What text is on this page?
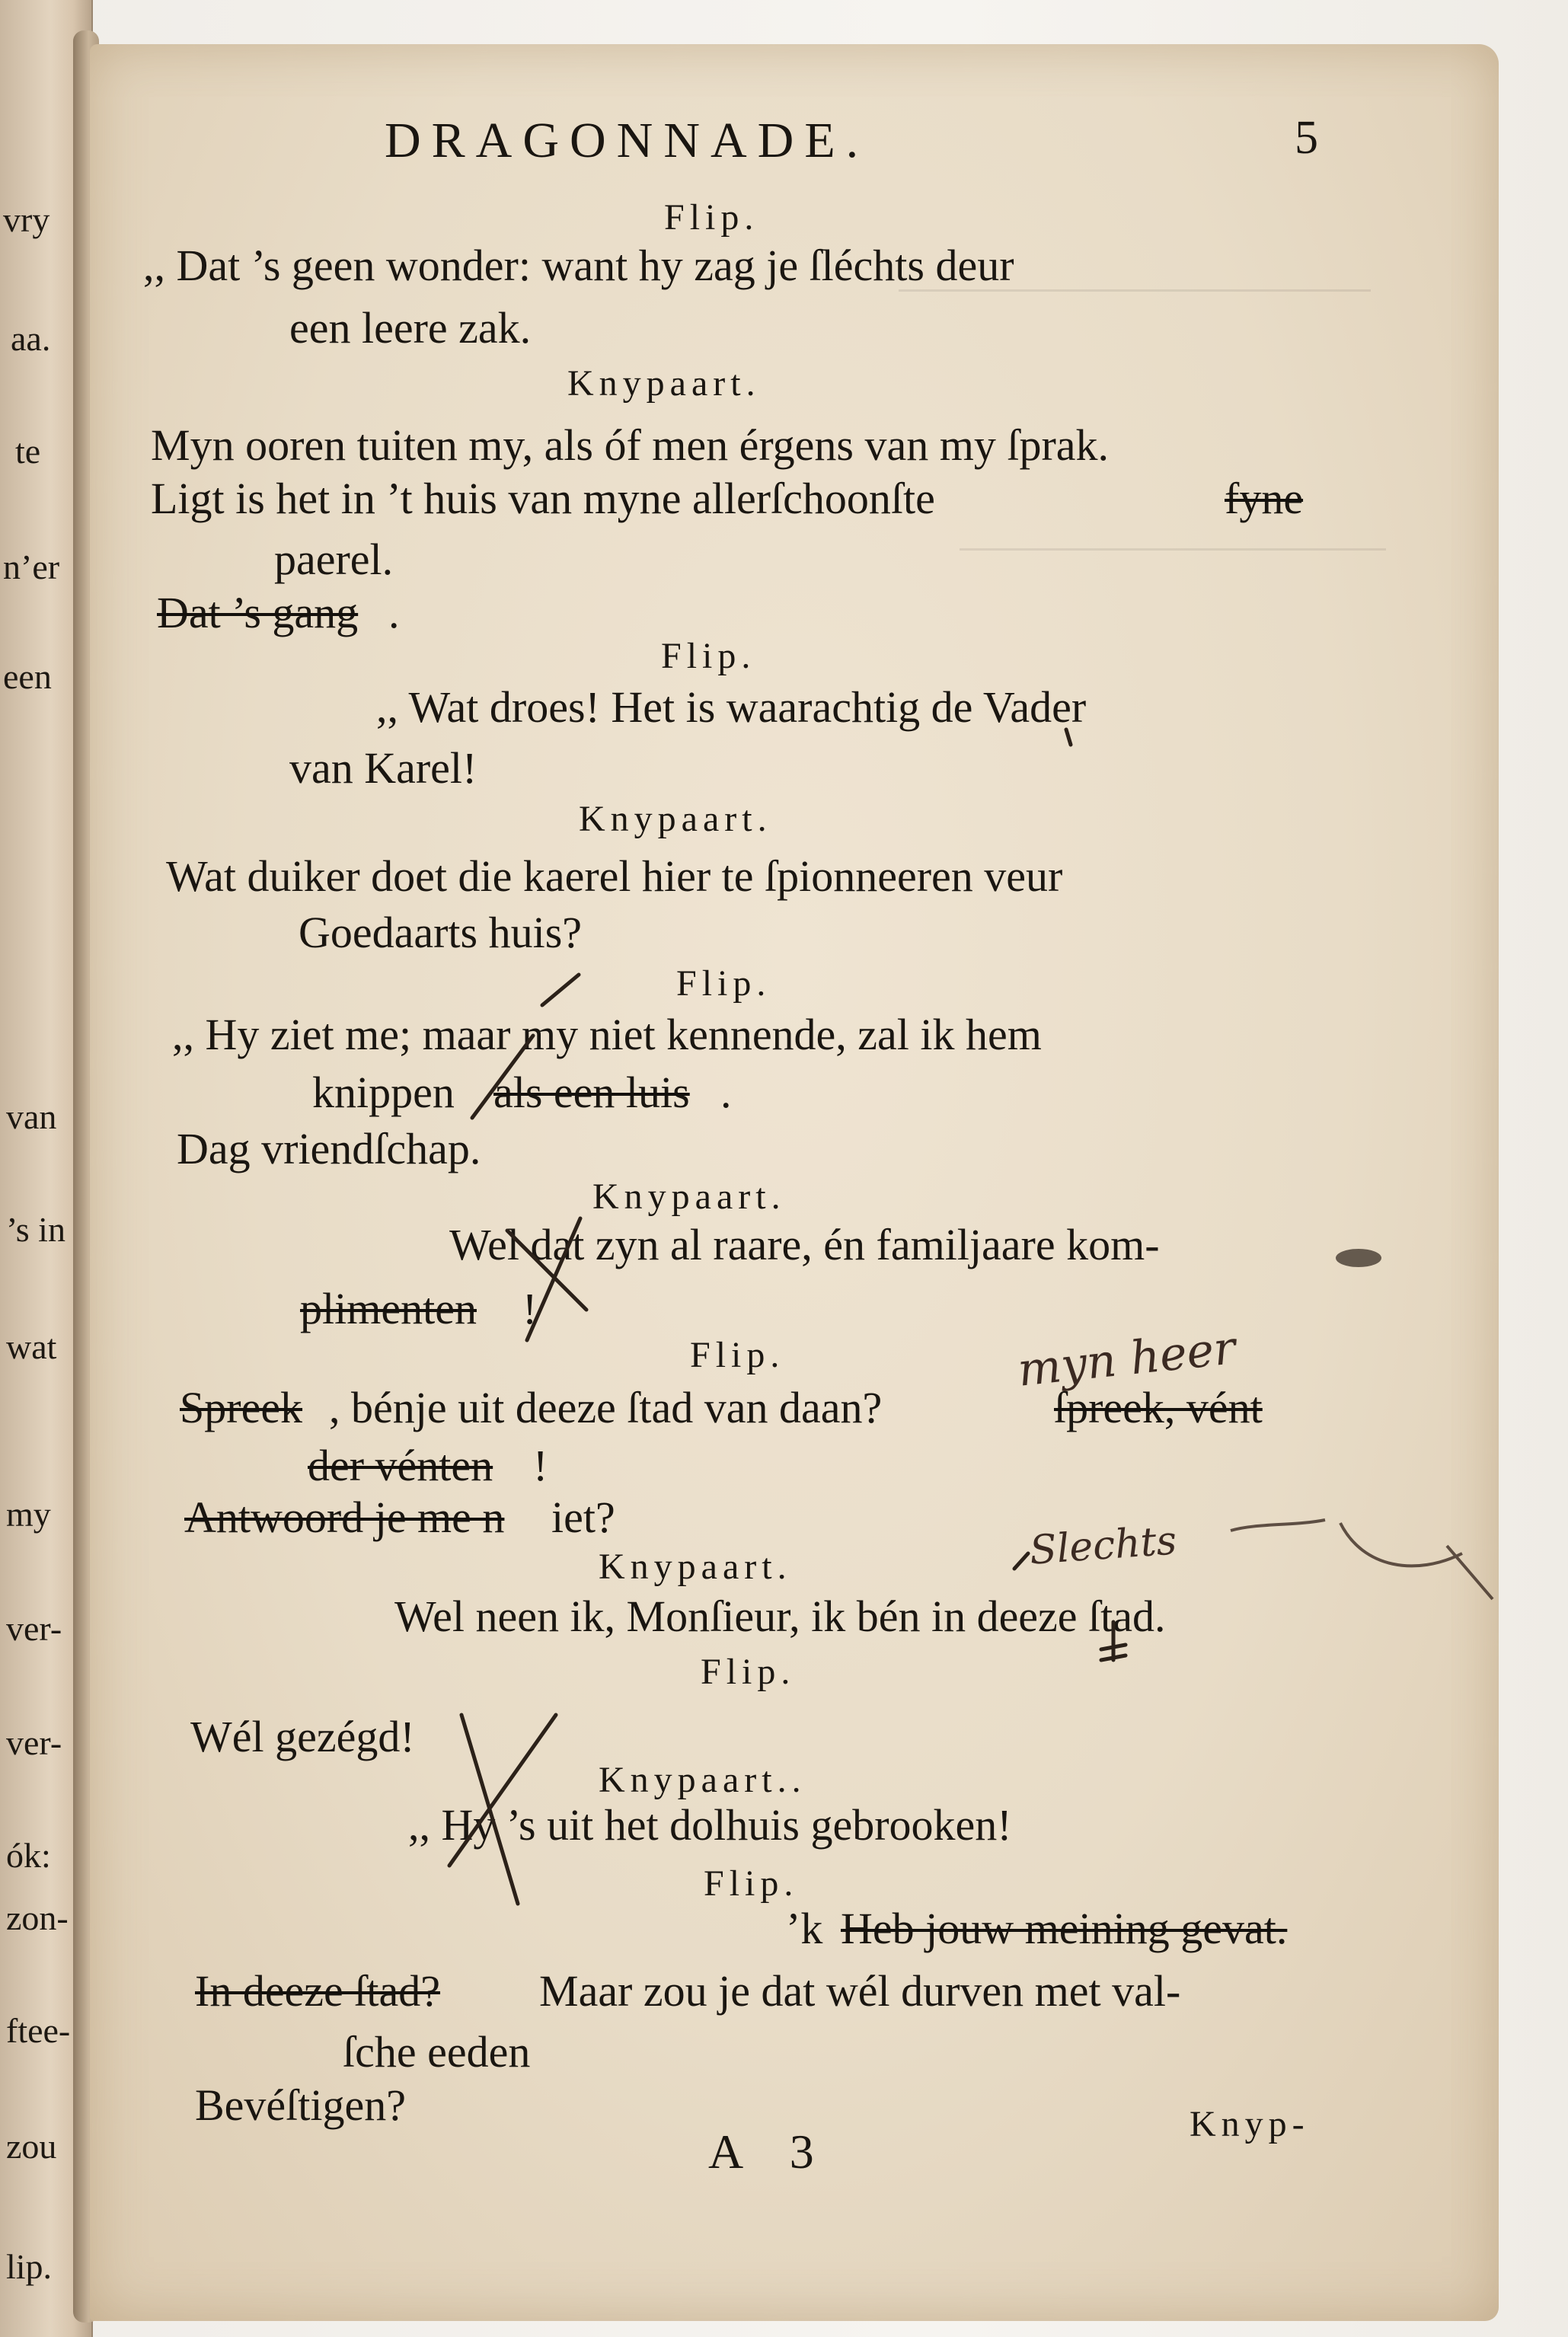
vry
aa.
te
n’er
een
van
’s in
wat
my
ver-
ver-
ók:
zon-
ftee-
zou
lip.
DRAGONNADE.	5
Flip.
,, Dat ’s geen wonder: want hy zag je ſléchts deur
een leere zak.
Knypaart.
Myn ooren tuiten my, als óf men érgens van my ſprak.
Ligt is het in ’t huis van myne allerſchoonſte	fyne
paerel.
Dat ’s gang .
Flip.
,, Wat droes! Het is waarachtig de Vader
van Karel!
Knypaart.
Wat duiker doet die kaerel hier te ſpionneeren veur
Goedaarts huis?
Flip.
,, Hy ziet me; maar my niet kennende, zal ik hem
knippen als een luis .
Dag vriendſchap.
Knypaart.
Wel dat zyn al raare, én familjaare kom-
plimenten !
Flip.
Spreek , bénje uit deeze ſtad van daan?	ſpreek, vént
der vénten !
Antwoord je me n iet?
Knypaart.
Wel neen ik, Monſieur, ik bén in deeze ſtad.
Flip.
Wél gezégd!
Knypaart..
,, Hy ’s uit het dolhuis gebrooken!
Flip.
’k Heb jouw meining gevat.
In deeze ſtad? Maar zou je dat wél durven met val-
ſche eeden
Bevéſtigen?
A 3
Knyp-
myn heer
Slechts
